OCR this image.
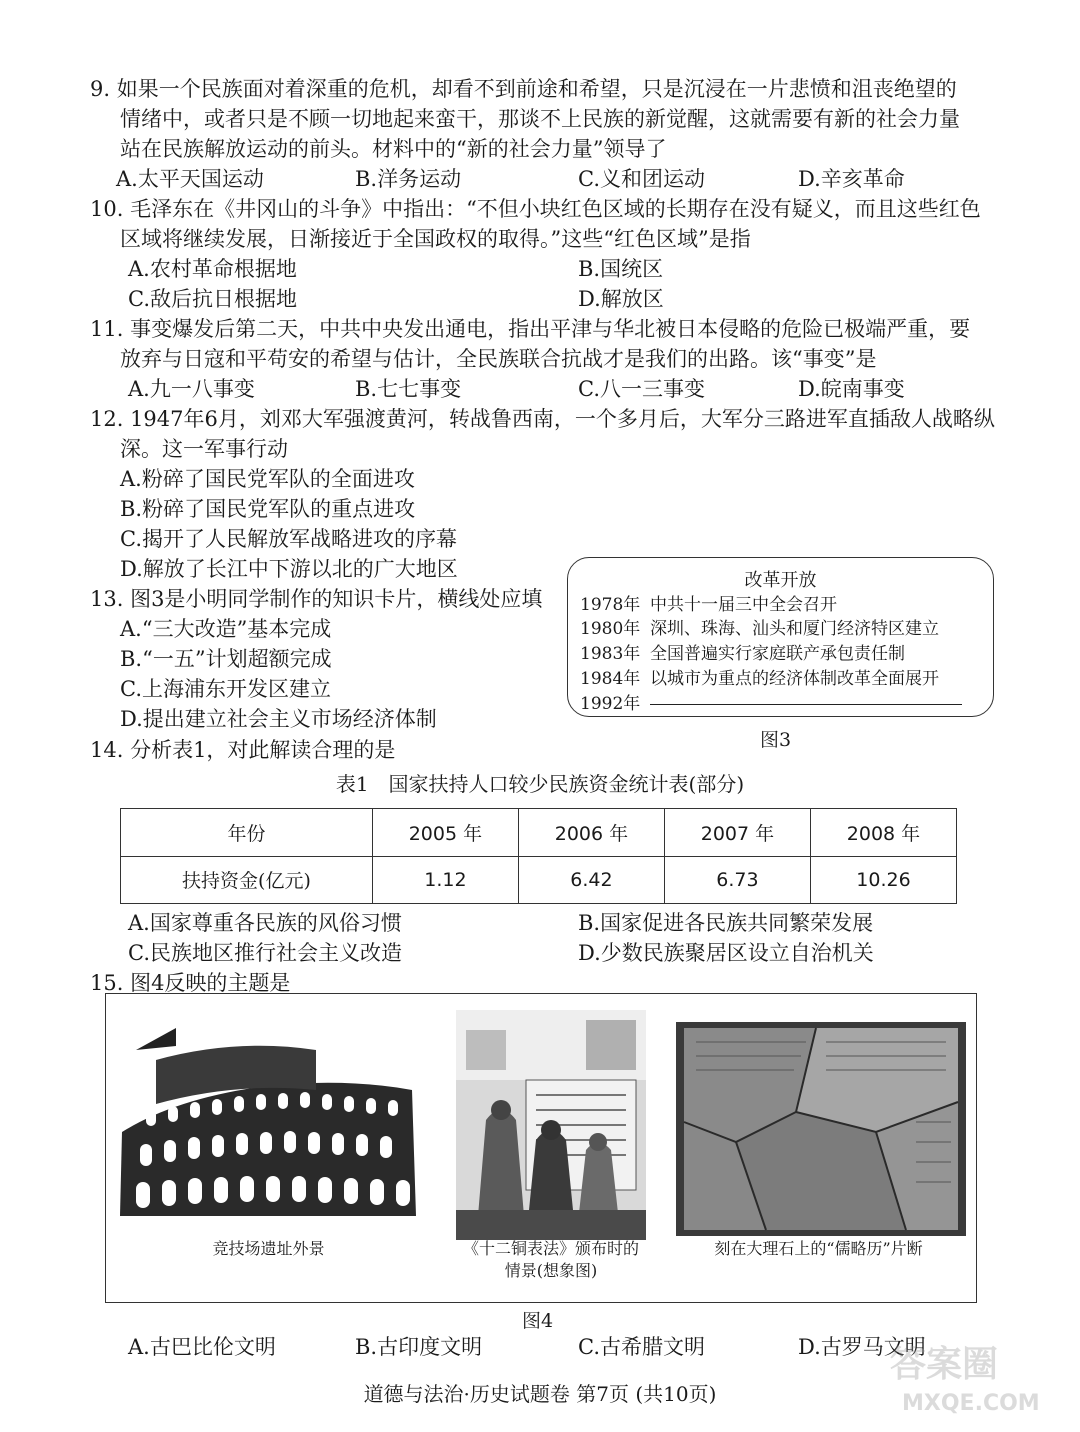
9. 如果一个民族面对着深重的危机，却看不到前途和希望，只是沉浸在一片悲愤和沮丧绝望的
情绪中，或者只是不顾一切地起来蛮干，那谈不上民族的新觉醒，这就需要有新的社会力量
站在民族解放运动的前头。材料中的“新的社会力量”领导了
A.太平天国运动	B.洋务运动	C.义和团运动	D.辛亥革命
10. 毛泽东在《井冈山的斗争》中指出：“不但小块红色区域的长期存在没有疑义，而且这些红色
区域将继续发展，日渐接近于全国政权的取得。”这些“红色区域”是指
A.农村革命根据地	B.国统区
C.敌后抗日根据地	D.解放区
11. 事变爆发后第二天，中共中央发出通电，指出平津与华北被日本侵略的危险已极端严重，要
放弃与日寇和平苟安的希望与估计，全民族联合抗战才是我们的出路。该“事变”是
A.九一八事变	B.七七事变	C.八一三事变	D.皖南事变
12. 1947年6月，刘邓大军强渡黄河，转战鲁西南，一个多月后，大军分三路进军直插敌人战略纵
深。这一军事行动
A.粉碎了国民党军队的全面进攻
B.粉碎了国民党军队的重点进攻
C.揭开了人民解放军战略进攻的序幕
D.解放了长江中下游以北的广大地区
13. 图3是小明同学制作的知识卡片，横线处应填
A.“三大改造”基本完成
B.“一五”计划超额完成
C.上海浦东开发区建立
D.提出建立社会主义市场经济体制
改革开放
1978年 中共十一届三中全会召开
1980年 深圳、珠海、汕头和厦门经济特区建立
1983年 全国普遍实行家庭联产承包责任制
1984年 以城市为重点的经济体制改革全面展开
1992年
图3
14. 分析表1，对此解读合理的是
表1　国家扶持人口较少民族资金统计表(部分)
年份	2005 年	2006 年	2007 年	2008 年
扶持资金(亿元)	1.12	6.42	6.73	10.26
A.国家尊重各民族的风俗习惯	B.国家促进各民族共同繁荣发展
C.民族地区推行社会主义改造	D.少数民族聚居区设立自治机关
15. 图4反映的主题是
竞技场遗址外景	《十二铜表法》颁布时的
情景(想象图)
刻在大理石上的“儒略历”片断
图4
A.古巴比伦文明	B.古印度文明	C.古希腊文明	D.古罗马文明
道德与法治·历史试题卷 第7页 (共10页)
答案圈
MXQE.COM
